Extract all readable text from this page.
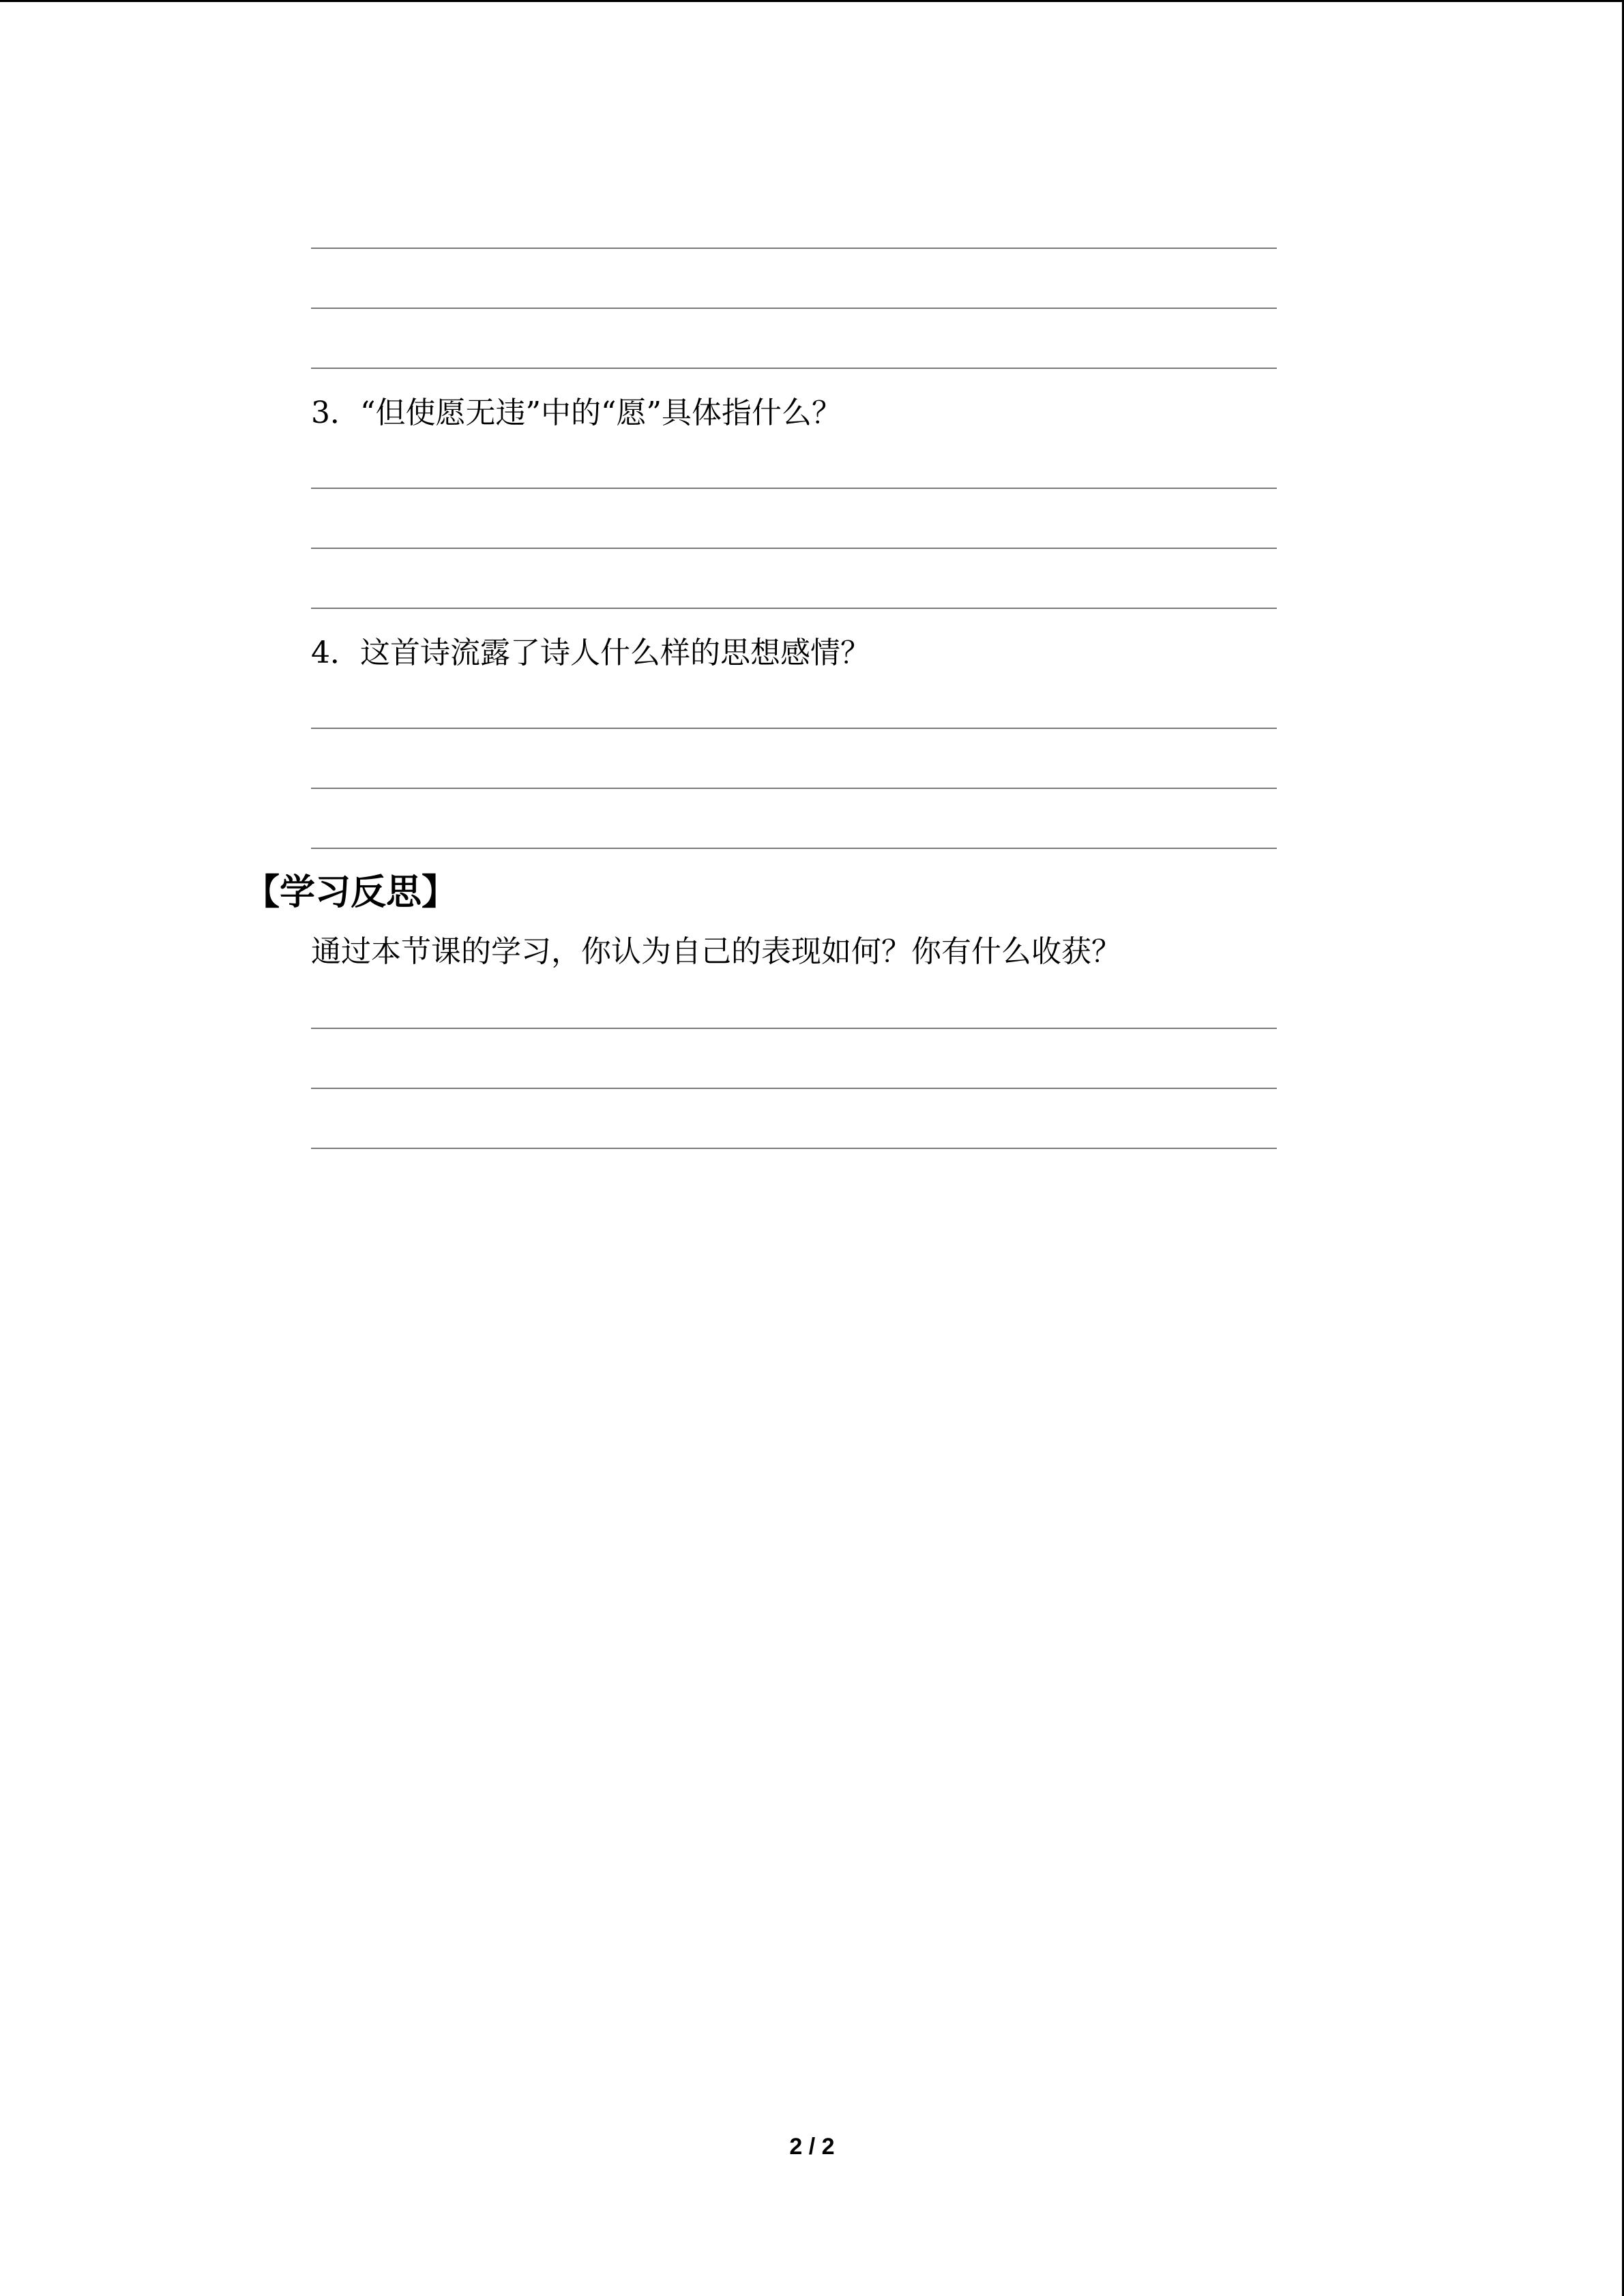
3．“但使愿无违”中的“愿”具体指什么？
4．这首诗流露了诗人什么样的思想感情？
【学习反思】
通过本节课的学习，你认为自己的表现如何？你有什么收获？
2 / 2
